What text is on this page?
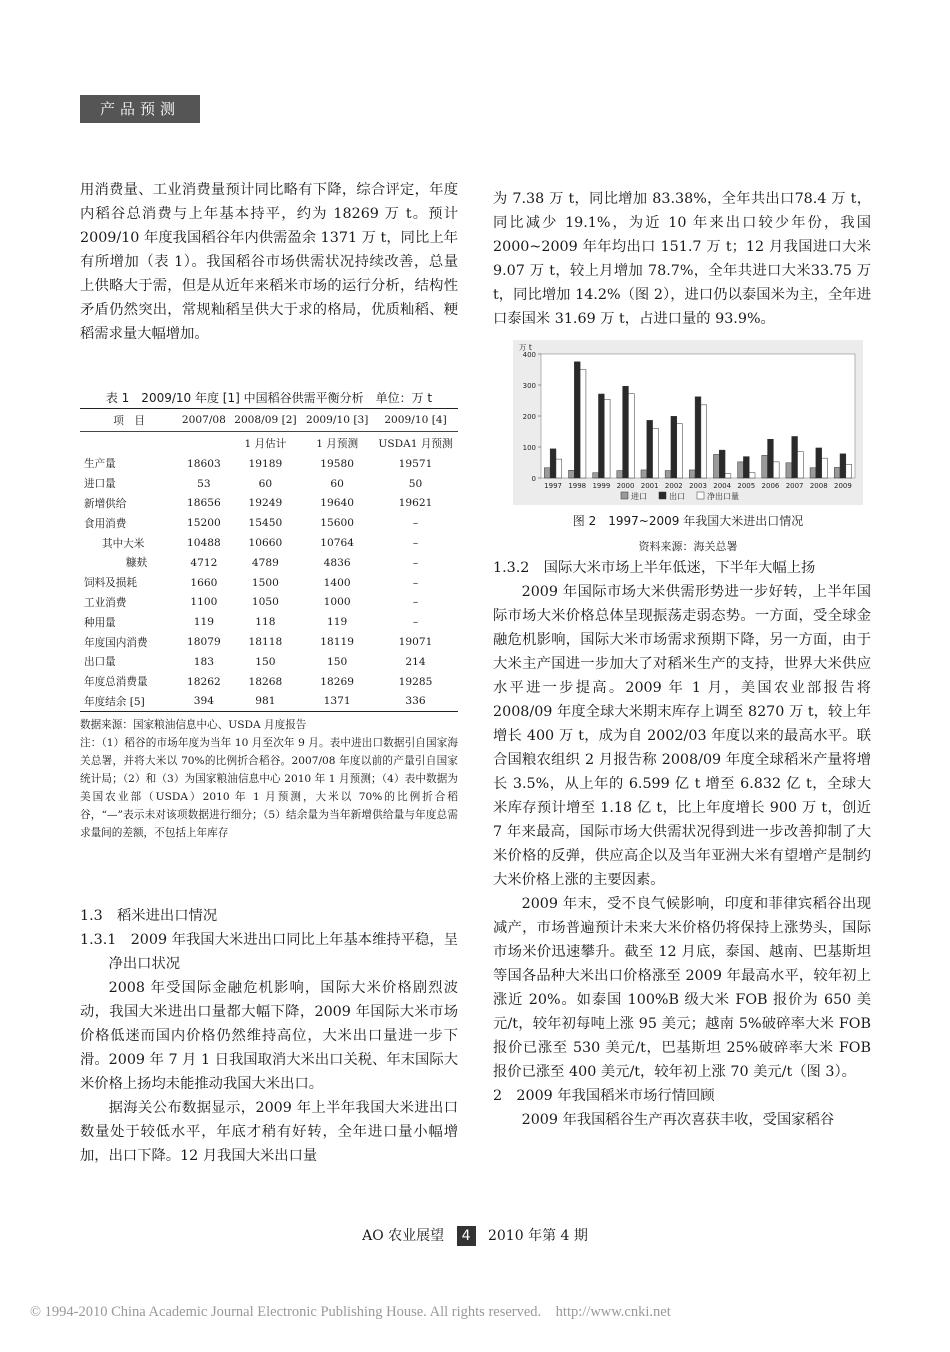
产品预测

用消费量、工业消费量预计同比略有下降，综合评定，年度内稻谷总消费与上年基本持平，约为 18269 万 t。预计 2009/10 年度我国稻谷年内供需盈余 1371 万 t，同比上年有所增加（表 1）。我国稻谷市场供需状况持续改善，总量上供略大于需，但是从近年来稻米市场的运行分析，结构性矛盾仍然突出，常规籼稻呈供大于求的格局，优质籼稻、粳稻需求量大幅增加。

表 1　2009/10 年度 [1] 中国稻谷供需平衡分析　单位：万 t
项　目	2007/08	2008/09 [2]	2009/10 [3]	2009/10 [4]
		1 月估计	1 月预测	USDA1 月预测
生产量	18603	19189	19580	19571
进口量	53	60	60	50
新增供给	18656	19249	19640	19621
食用消费	15200	15450	15600	–
其中大米	10488	10660	10764	–
糠麸	4712	4789	4836	–
饲料及损耗	1660	1500	1400	–
工业消费	1100	1050	1000	–
种用量	119	118	119	–
年度国内消费	18079	18118	18119	19071
出口量	183	150	150	214
年度总消费量	18262	18268	18269	19285
年度结余 [5]	394	981	1371	336

数据来源：国家粮油信息中心、USDA 月度报告

注：（1）稻谷的市场年度为当年 10 月至次年 9 月。表中进出口数据引自国家海关总署，并将大米以 70%的比例折合稻谷。2007/08 年度以前的产量引自国家统计局；（2）和（3）为国家粮油信息中心 2010 年 1 月预测；（4）表中数据为美国农业部（USDA）2010 年 1 月预测，大米以 70%的比例折合稻谷，“—”表示未对该项数据进行细分；（5）结余量为当年新增供给量与年度总需求量间的差额，不包括上年库存

1.3　稻米进出口情况

1.3.1　2009 年我国大米进出口同比上年基本维持平稳，呈净出口状况

2008 年受国际金融危机影响，国际大米价格剧烈波动，我国大米进出口量都大幅下降，2009 年国际大米市场价格低迷而国内价格仍然维持高位，大米出口量进一步下滑。2009 年 7 月 1 日我国取消大米出口关税、年末国际大米价格上扬均未能推动我国大米出口。

据海关公布数据显示，2009 年上半年我国大米进出口数量处于较低水平，年底才稍有好转，全年进口量小幅增加，出口下降。12 月我国大米出口量

为 7.38 万 t，同比增加 83.38%，全年共出口78.4 万 t，同比减少 19.1%，为近 10 年来出口较少年份，我国 2000~2009 年年均出口 151.7 万 t；12 月我国进口大米 9.07 万 t，较上月增加 78.7%，全年共进口大米33.75 万 t，同比增加 14.2%（图 2），进口仍以泰国米为主，全年进口泰国米 31.69 万 t，占进口量的 93.9%。

0
100
200
300
400
万 t
1997 1998 1999 2000 2001 2002 2003 2004 2005 2006 2007 2008 2009
进口	出口	净出口量
图 2　1997~2009 年我国大米进出口情况
资料来源：海关总署

1.3.2　国际大米市场上半年低迷，下半年大幅上扬

2009 年国际市场大米供需形势进一步好转，上半年国际市场大米价格总体呈现振荡走弱态势。一方面，受全球金融危机影响，国际大米市场需求预期下降，另一方面，由于大米主产国进一步加大了对稻米生产的支持，世界大米供应水平进一步提高。2009 年 1 月，美国农业部报告将 2008/09 年度全球大米期末库存上调至 8270 万 t，较上年增长 400 万 t，成为自 2002/03 年度以来的最高水平。联合国粮农组织 2 月报告称 2008/09 年度全球稻米产量将增长 3.5%，从上年的 6.599 亿 t 增至 6.832 亿 t，全球大米库存预计增至 1.18 亿 t，比上年度增长 900 万 t，创近 7 年来最高，国际市场大供需状况得到进一步改善抑制了大米价格的反弹，供应高企以及当年亚洲大米有望增产是制约大米价格上涨的主要因素。

2009 年末，受不良气候影响，印度和菲律宾稻谷出现减产，市场普遍预计未来大米价格仍将保持上涨势头，国际市场米价迅速攀升。截至 12 月底，泰国、越南、巴基斯坦等国各品种大米出口价格涨至 2009 年最高水平，较年初上涨近 20%。如泰国 100%B 级大米 FOB 报价为 650 美元/t，较年初每吨上涨 95 美元；越南 5%破碎率大米 FOB 报价已涨至 530 美元/t，巴基斯坦 25%破碎率大米 FOB 报价已涨至 400 美元/t，较年初上涨 70 美元/t（图 3）。

2　2009 年我国稻米市场行情回顾

2009 年我国稻谷生产再次喜获丰收，受国家稻谷

AO 农业展望 4 2010 年第 4 期
© 1994-2010 China Academic Journal Electronic Publishing House. All rights reserved.    http://www.cnki.net
